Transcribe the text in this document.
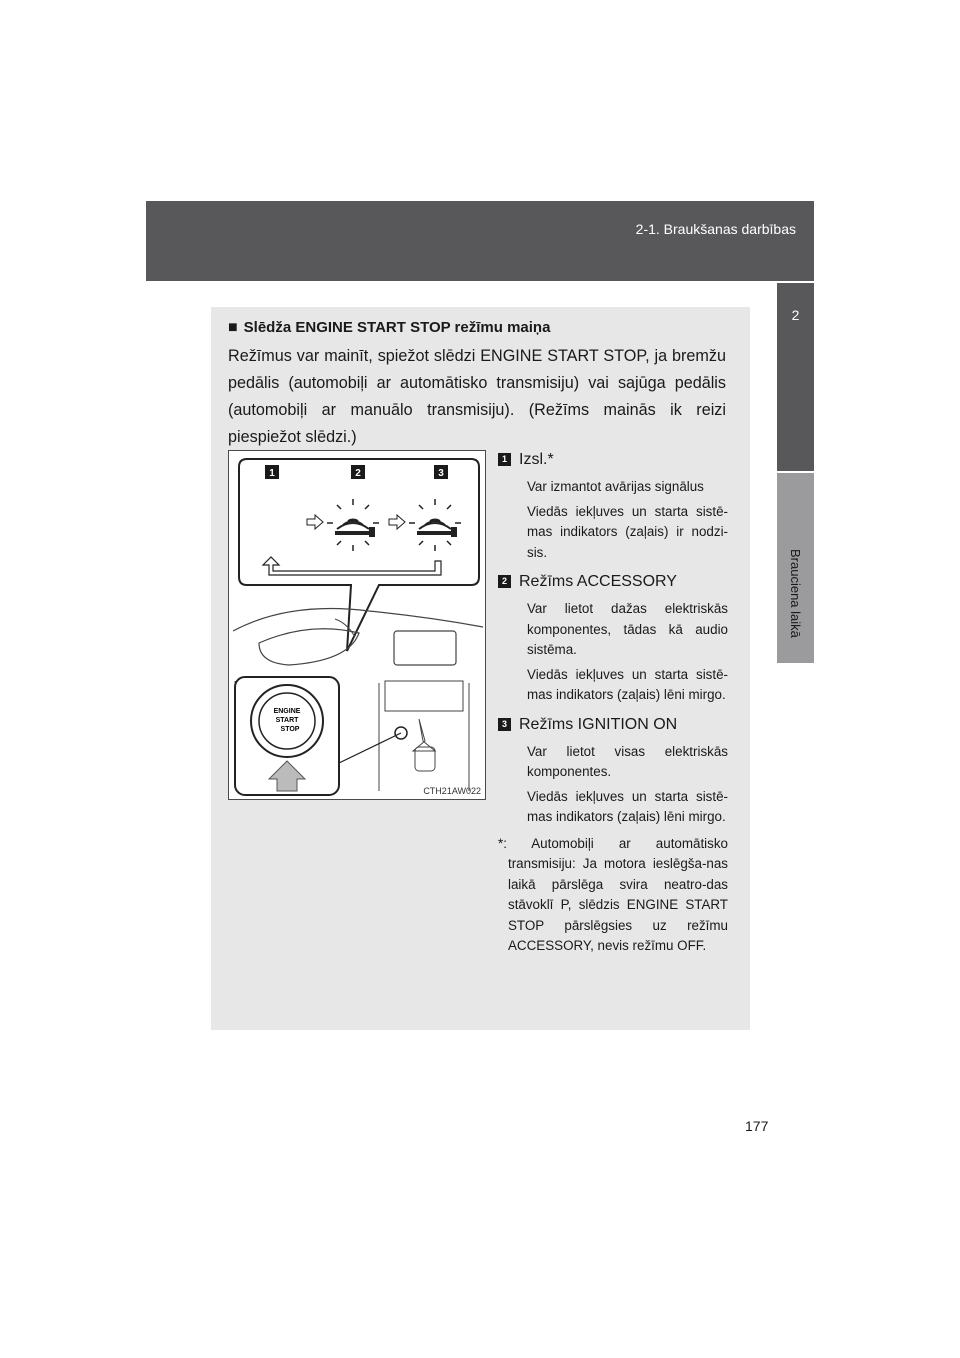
2-1. Braukšanas darbības
2
Brauciena laikā
■ Slēdža ENGINE START STOP režīmu maiņa
Režīmus var mainīt, spiežot slēdzi ENGINE START STOP, ja bremžu pedālis (automobiļi ar automātisko transmisiju) vai sajūga pedālis (automobiļi ar manuālo transmisiju). (Režīms mainās ik reizi piespiežot slēdzi.)
1	2	3
ENGINE
START
STOP
CTH21AW022
1 Izsl.*
Var izmantot avārijas signālus
Viedās iekļuves un starta sistē-mas indikators (zaļais) ir nodzi-sis.
2 Režīms ACCESSORY
Var lietot dažas elektriskās komponentes, tādas kā audio sistēma.
Viedās iekļuves un starta sistē-mas indikators (zaļais) lēni mirgo.
3 Režīms IGNITION ON
Var lietot visas elektriskās komponentes.
Viedās iekļuves un starta sistē-mas indikators (zaļais) lēni mirgo.
*: Automobiļi ar automātisko transmisiju: Ja motora ieslēgša-nas laikā pārslēga svira neatro-das stāvoklī P, slēdzis ENGINE START STOP pārslēgsies uz režīmu ACCESSORY, nevis režīmu OFF.
177
